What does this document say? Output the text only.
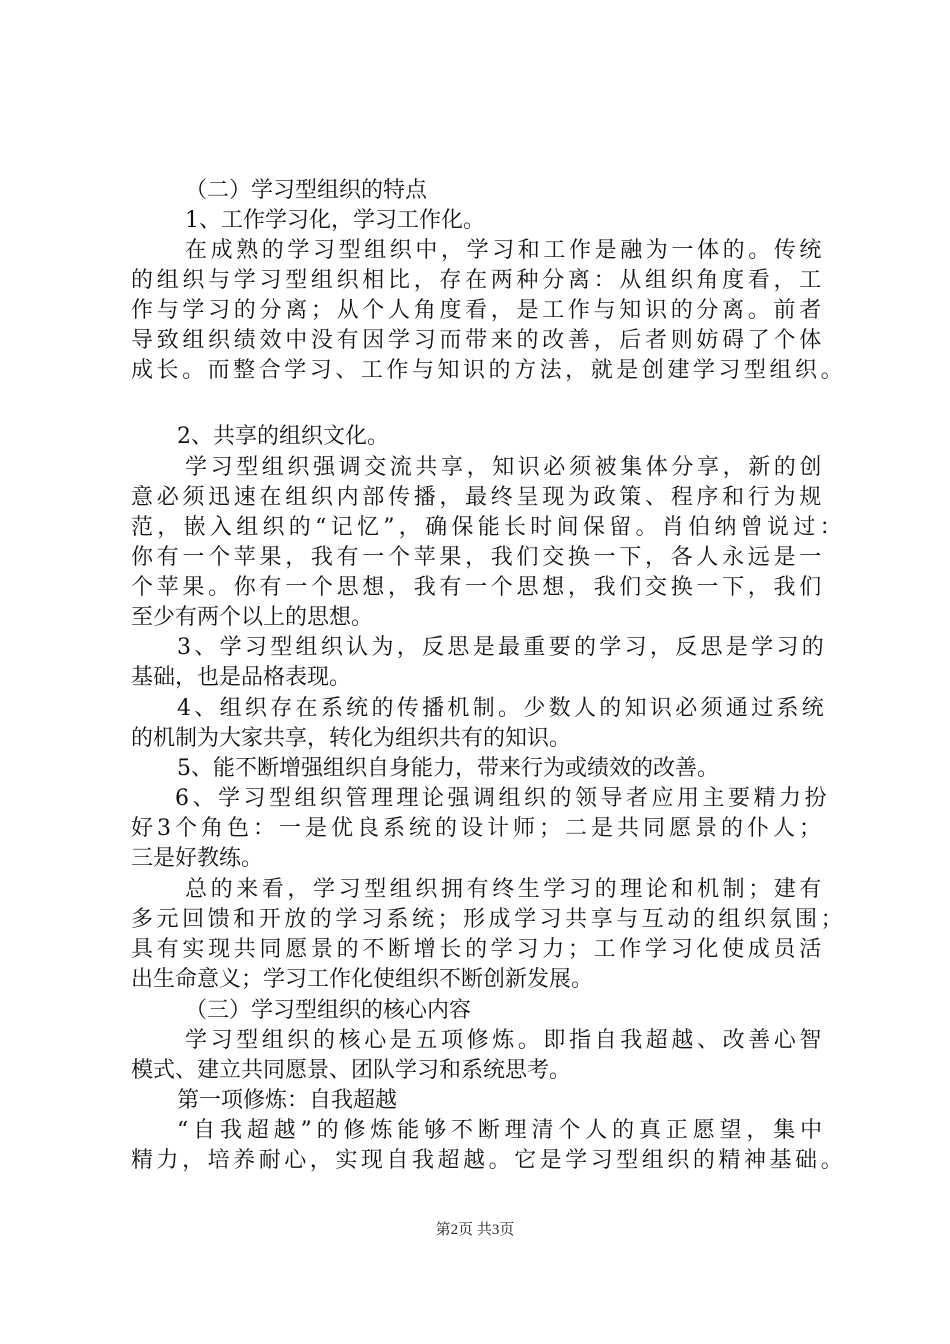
（二）学习型组织的特点
1、工作学习化，学习工作化。
在成熟的学习型组织中，学习和工作是融为一体的。传统
的组织与学习型组织相比，存在两种分离：从组织角度看，工
作与学习的分离；从个人角度看，是工作与知识的分离。前者
导致组织绩效中没有因学习而带来的改善，后者则妨碍了个体
成长。而整合学习、工作与知识的方法，就是创建学习型组织。
2、共享的组织文化。
学习型组织强调交流共享，知识必须被集体分享，新的创
意必须迅速在组织内部传播，最终呈现为政策、程序和行为规
范，嵌入组织的“记忆”，确保能长时间保留。肖伯纳曾说过：
你有一个苹果，我有一个苹果，我们交换一下，各人永远是一
个苹果。你有一个思想，我有一个思想，我们交换一下，我们
至少有两个以上的思想。
3、学习型组织认为，反思是最重要的学习，反思是学习的
基础，也是品格表现。
4、组织存在系统的传播机制。少数人的知识必须通过系统
的机制为大家共享，转化为组织共有的知识。
5、能不断增强组织自身能力，带来行为或绩效的改善。
6、学习型组织管理理论强调组织的领导者应用主要精力扮
好3个角色：一是优良系统的设计师；二是共同愿景的仆人；
三是好教练。
总的来看，学习型组织拥有终生学习的理论和机制；建有
多元回馈和开放的学习系统；形成学习共享与互动的组织氛围；
具有实现共同愿景的不断增长的学习力；工作学习化使成员活
出生命意义；学习工作化使组织不断创新发展。
（三）学习型组织的核心内容
学习型组织的核心是五项修炼。即指自我超越、改善心智
模式、建立共同愿景、团队学习和系统思考。
第一项修炼：自我超越
“自我超越”的修炼能够不断理清个人的真正愿望，集中
精力，培养耐心，实现自我超越。它是学习型组织的精神基础。
第2页 共3页
